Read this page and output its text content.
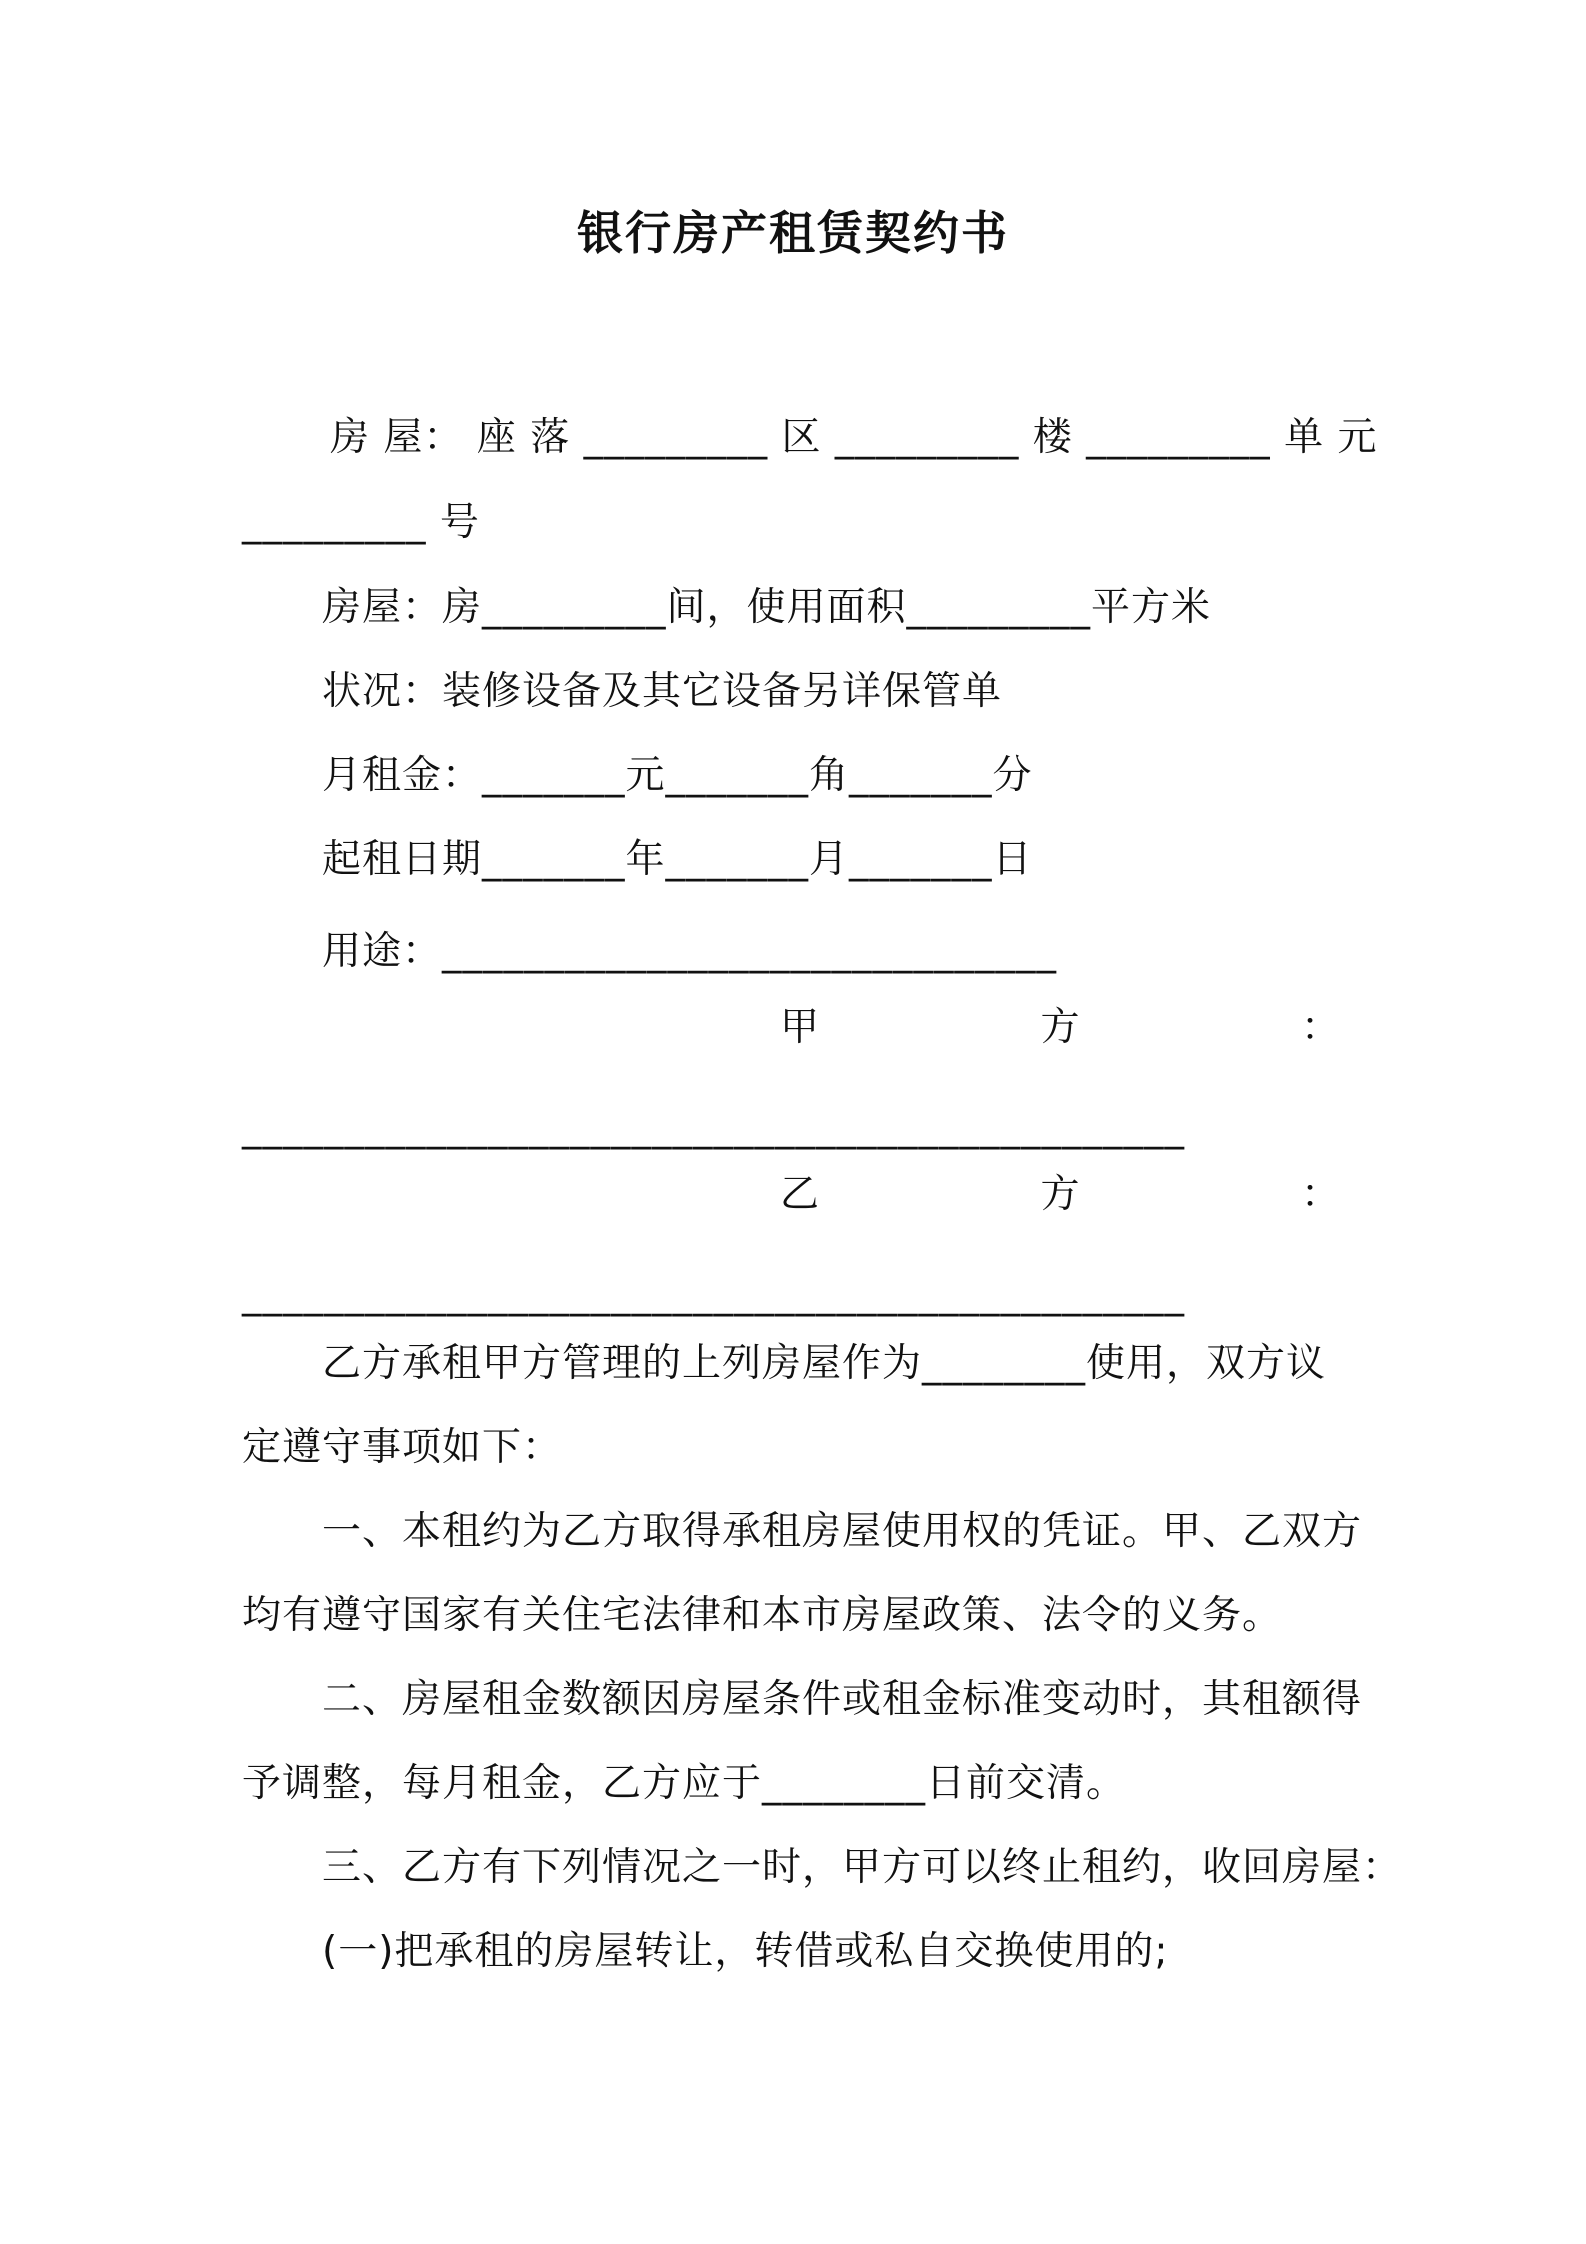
银行房产租赁契约书
房 屋： 座 落 _________ 区 _________ 楼 _________ 单 元
_________ 号
房屋：房_________间，使用面积_________平方米
状况：装修设备及其它设备另详保管单
月租金：_______元_______角_______分
起租日期_______年_______月_______日
用途：______________________________
甲	方	：
______________________________________________
乙	方	：
______________________________________________
乙方承租甲方管理的上列房屋作为________使用，双方议
定遵守事项如下：
一、本租约为乙方取得承租房屋使用权的凭证。甲、乙双方
均有遵守国家有关住宅法律和本市房屋政策、法令的义务。
二、房屋租金数额因房屋条件或租金标准变动时，其租额得
予调整，每月租金，乙方应于________日前交清。
三、乙方有下列情况之一时，甲方可以终止租约，收回房屋：
(一)把承租的房屋转让，转借或私自交换使用的;
